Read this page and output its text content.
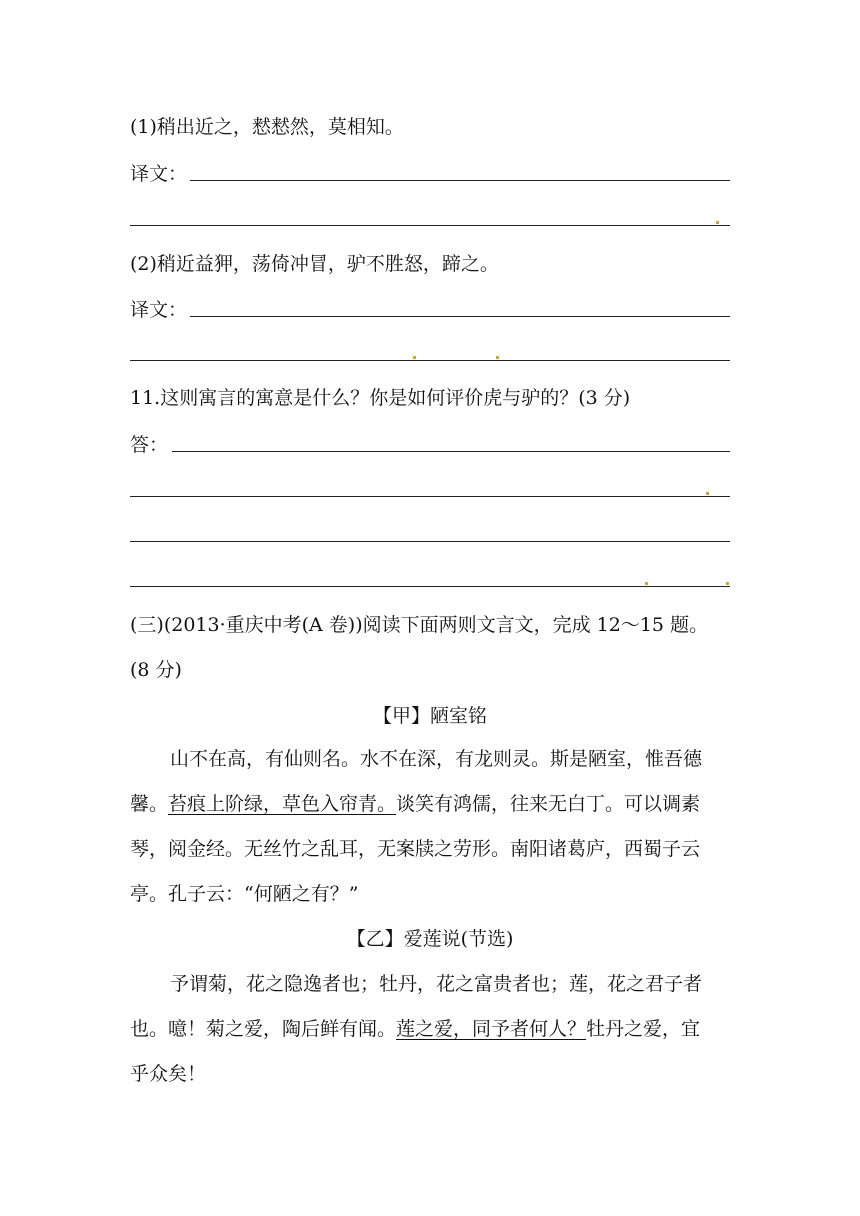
(1)稍出近之，慭慭然，莫相知。
译文：
(2)稍近益狎，荡倚冲冒，驴不胜怒，蹄之。
译文：
11.这则寓言的寓意是什么？你是如何评价虎与驴的？(3 分)
答：
(三)(2013·重庆中考(A 卷))阅读下面两则文言文，完成 12～15 题。
(8 分)
【甲】陋室铭
山不在高，有仙则名。水不在深，有龙则灵。斯是陋室，惟吾德
馨。苔痕上阶绿，草色入帘青。谈笑有鸿儒，往来无白丁。可以调素
琴，阅金经。无丝竹之乱耳，无案牍之劳形。南阳诸葛庐，西蜀子云
亭。孔子云：“何陋之有？”
【乙】爱莲说(节选)
予谓菊，花之隐逸者也；牡丹，花之富贵者也；莲，花之君子者
也。噫！菊之爱，陶后鲜有闻。莲之爱，同予者何人？牡丹之爱，宜
乎众矣！
